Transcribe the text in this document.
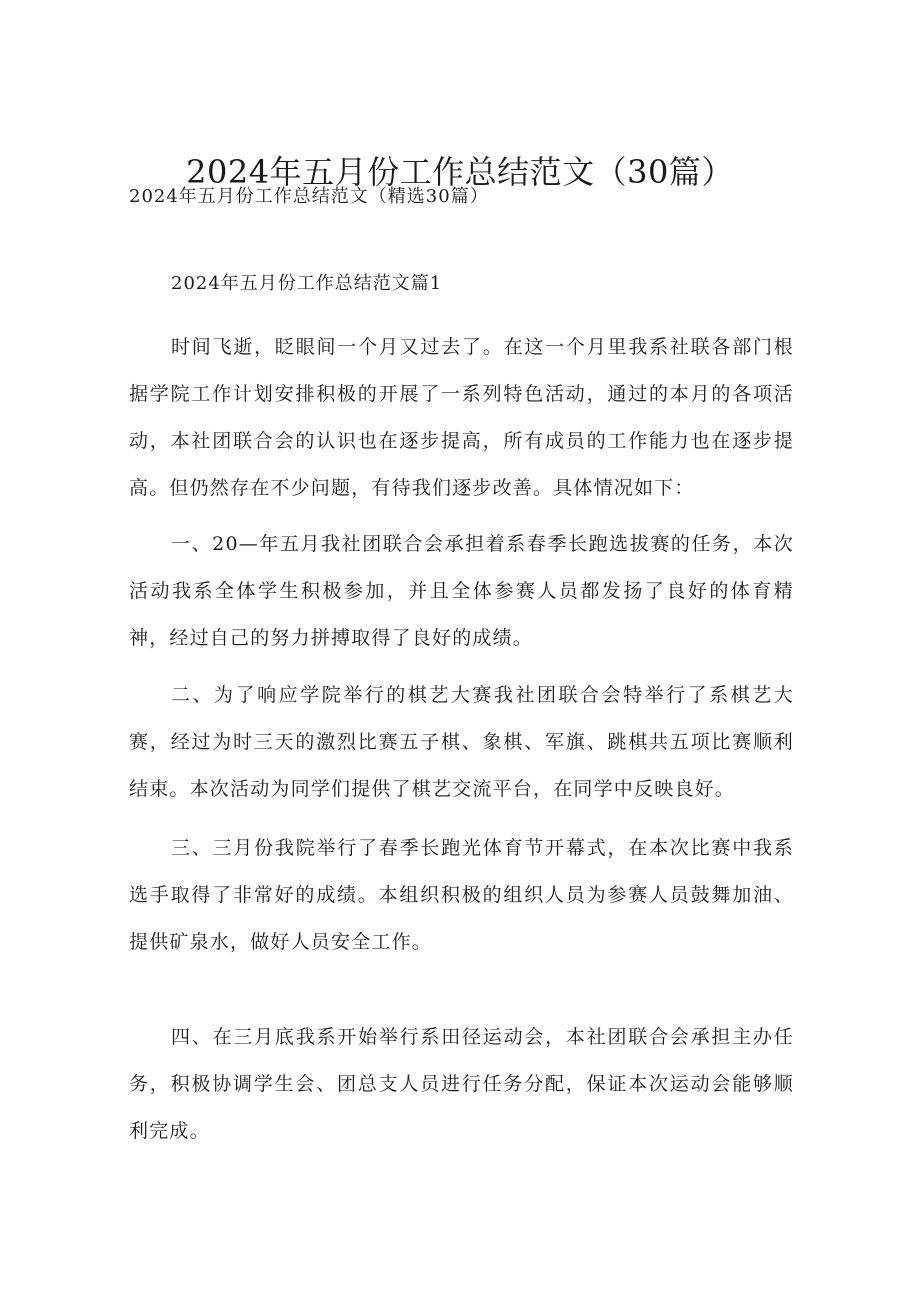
2024年五月份工作总结范文（30篇）

2024年五月份工作总结范文（精选30篇）

2024年五月份工作总结范文篇1

时间飞逝，眨眼间一个月又过去了。在这一个月里我系社联各部门根据学院工作计划安排积极的开展了一系列特色活动，通过的本月的各项活动，本社团联合会的认识也在逐步提高，所有成员的工作能力也在逐步提高。但仍然存在不少问题，有待我们逐步改善。具体情况如下：

一、20—年五月我社团联合会承担着系春季长跑选拔赛的任务，本次活动我系全体学生积极参加，并且全体参赛人员都发扬了良好的体育精神，经过自己的努力拼搏取得了良好的成绩。

二、为了响应学院举行的棋艺大赛我社团联合会特举行了系棋艺大赛，经过为时三天的激烈比赛五子棋、象棋、军旗、跳棋共五项比赛顺利结束。本次活动为同学们提供了棋艺交流平台，在同学中反映良好。

三、三月份我院举行了春季长跑光体育节开幕式，在本次比赛中我系选手取得了非常好的成绩。本组织积极的组织人员为参赛人员鼓舞加油、提供矿泉水，做好人员安全工作。

四、在三月底我系开始举行系田径运动会，本社团联合会承担主办任务，积极协调学生会、团总支人员进行任务分配，保证本次运动会能够顺利完成。
